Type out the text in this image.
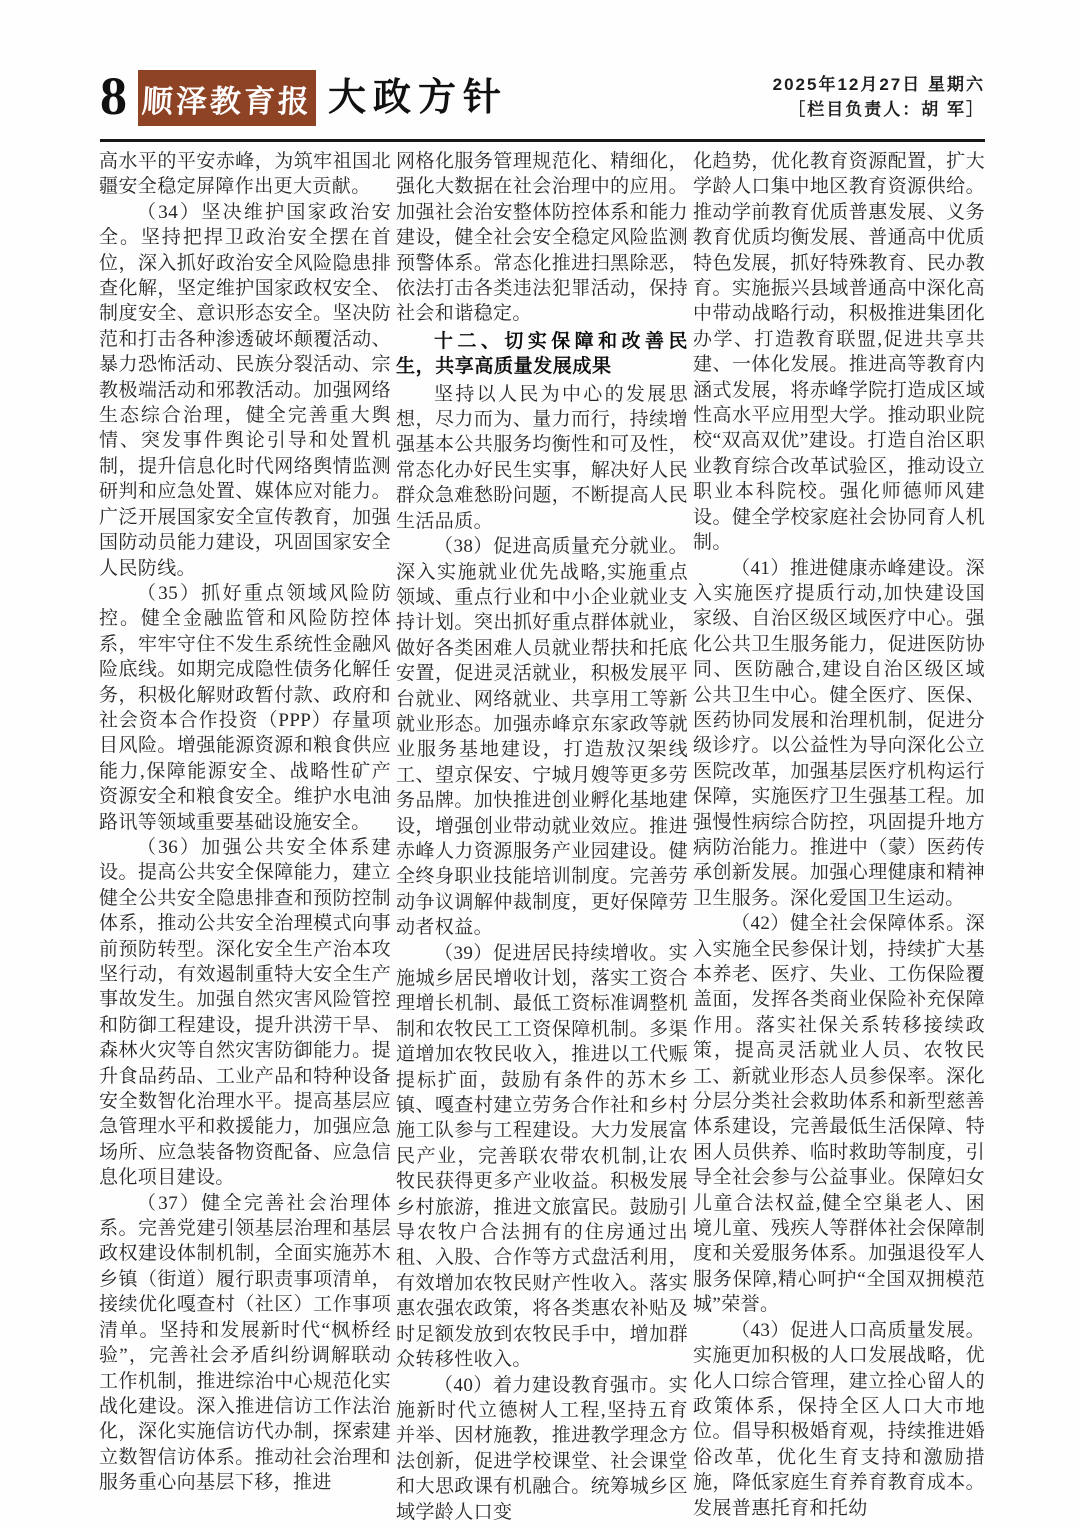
8 顺泽教育报 大政方针	2025年12月27日 星期六
［栏目负责人：胡 军］

高水平的平安赤峰，为筑牢祖国北疆安全稳定屏障作出更大贡献。

（34）坚决维护国家政治安全。坚持把捍卫政治安全摆在首位，深入抓好政治安全风险隐患排查化解，坚定维护国家政权安全、制度安全、意识形态安全。坚决防范和打击各种渗透破坏颠覆活动、暴力恐怖活动、民族分裂活动、宗教极端活动和邪教活动。加强网络生态综合治理，健全完善重大舆情、突发事件舆论引导和处置机制，提升信息化时代网络舆情监测研判和应急处置、媒体应对能力。广泛开展国家安全宣传教育，加强国防动员能力建设，巩固国家安全人民防线。

（35）抓好重点领域风险防控。健全金融监管和风险防控体系，牢牢守住不发生系统性金融风险底线。如期完成隐性债务化解任务，积极化解财政暂付款、政府和社会资本合作投资（PPP）存量项目风险。增强能源资源和粮食供应能力,保障能源安全、战略性矿产资源安全和粮食安全。维护水电油路讯等领域重要基础设施安全。

（36）加强公共安全体系建设。提高公共安全保障能力，建立健全公共安全隐患排查和预防控制体系，推动公共安全治理模式向事前预防转型。深化安全生产治本攻坚行动，有效遏制重特大安全生产事故发生。加强自然灾害风险管控和防御工程建设，提升洪涝干旱、森林火灾等自然灾害防御能力。提升食品药品、工业产品和特种设备安全数智化治理水平。提高基层应急管理水平和救援能力，加强应急场所、应急装备物资配备、应急信息化项目建设。

（37）健全完善社会治理体系。完善党建引领基层治理和基层政权建设体制机制，全面实施苏木乡镇（街道）履行职责事项清单，接续优化嘎查村（社区）工作事项清单。坚持和发展新时代“枫桥经验”，完善社会矛盾纠纷调解联动工作机制，推进综治中心规范化实战化建设。深入推进信访工作法治化，深化实施信访代办制，探索建立数智信访体系。推动社会治理和服务重心向基层下移，推进

网格化服务管理规范化、精细化，强化大数据在社会治理中的应用。加强社会治安整体防控体系和能力建设，健全社会安全稳定风险监测预警体系。常态化推进扫黑除恶，依法打击各类违法犯罪活动，保持社会和谐稳定。

十二、切实保障和改善民生，共享高质量发展成果

坚持以人民为中心的发展思想，尽力而为、量力而行，持续增强基本公共服务均衡性和可及性，常态化办好民生实事，解决好人民群众急难愁盼问题，不断提高人民生活品质。

（38）促进高质量充分就业。深入实施就业优先战略,实施重点领域、重点行业和中小企业就业支持计划。突出抓好重点群体就业，做好各类困难人员就业帮扶和托底安置，促进灵活就业，积极发展平台就业、网络就业、共享用工等新就业形态。加强赤峰京东家政等就业服务基地建设，打造敖汉架线工、望京保安、宁城月嫂等更多劳务品牌。加快推进创业孵化基地建设，增强创业带动就业效应。推进赤峰人力资源服务产业园建设。健全终身职业技能培训制度。完善劳动争议调解仲裁制度，更好保障劳动者权益。

（39）促进居民持续增收。实施城乡居民增收计划，落实工资合理增长机制、最低工资标准调整机制和农牧民工工资保障机制。多渠道增加农牧民收入，推进以工代赈提标扩面，鼓励有条件的苏木乡镇、嘎查村建立劳务合作社和乡村施工队参与工程建设。大力发展富民产业，完善联农带农机制,让农牧民获得更多产业收益。积极发展乡村旅游，推进文旅富民。鼓励引导农牧户合法拥有的住房通过出租、入股、合作等方式盘活利用，有效增加农牧民财产性收入。落实惠农强农政策，将各类惠农补贴及时足额发放到农牧民手中，增加群众转移性收入。

（40）着力建设教育强市。实施新时代立德树人工程,坚持五育并举、因材施教，推进教学理念方法创新，促进学校课堂、社会课堂和大思政课有机融合。统筹城乡区域学龄人口变

化趋势，优化教育资源配置，扩大学龄人口集中地区教育资源供给。推动学前教育优质普惠发展、义务教育优质均衡发展、普通高中优质特色发展，抓好特殊教育、民办教育。实施振兴县域普通高中深化高中带动战略行动，积极推进集团化办学、打造教育联盟,促进共享共建、一体化发展。推进高等教育内涵式发展，将赤峰学院打造成区域性高水平应用型大学。推动职业院校“双高双优”建设。打造自治区职业教育综合改革试验区，推动设立职业本科院校。强化师德师风建设。健全学校家庭社会协同育人机制。

（41）推进健康赤峰建设。深入实施医疗提质行动,加快建设国家级、自治区级区域医疗中心。强化公共卫生服务能力，促进医防协同、医防融合,建设自治区级区域公共卫生中心。健全医疗、医保、医药协同发展和治理机制，促进分级诊疗。以公益性为导向深化公立医院改革，加强基层医疗机构运行保障，实施医疗卫生强基工程。加强慢性病综合防控，巩固提升地方病防治能力。推进中（蒙）医药传承创新发展。加强心理健康和精神卫生服务。深化爱国卫生运动。

（42）健全社会保障体系。深入实施全民参保计划，持续扩大基本养老、医疗、失业、工伤保险覆盖面，发挥各类商业保险补充保障作用。落实社保关系转移接续政策，提高灵活就业人员、农牧民工、新就业形态人员参保率。深化分层分类社会救助体系和新型慈善体系建设，完善最低生活保障、特困人员供养、临时救助等制度，引导全社会参与公益事业。保障妇女儿童合法权益,健全空巢老人、困境儿童、残疾人等群体社会保障制度和关爱服务体系。加强退役军人服务保障,精心呵护“全国双拥模范城”荣誉。

（43）促进人口高质量发展。实施更加积极的人口发展战略，优化人口综合管理，建立拴心留人的政策体系，保持全区人口大市地位。倡导积极婚育观，持续推进婚俗改革，优化生育支持和激励措施，降低家庭生育养育教育成本。发展普惠托育和托幼
